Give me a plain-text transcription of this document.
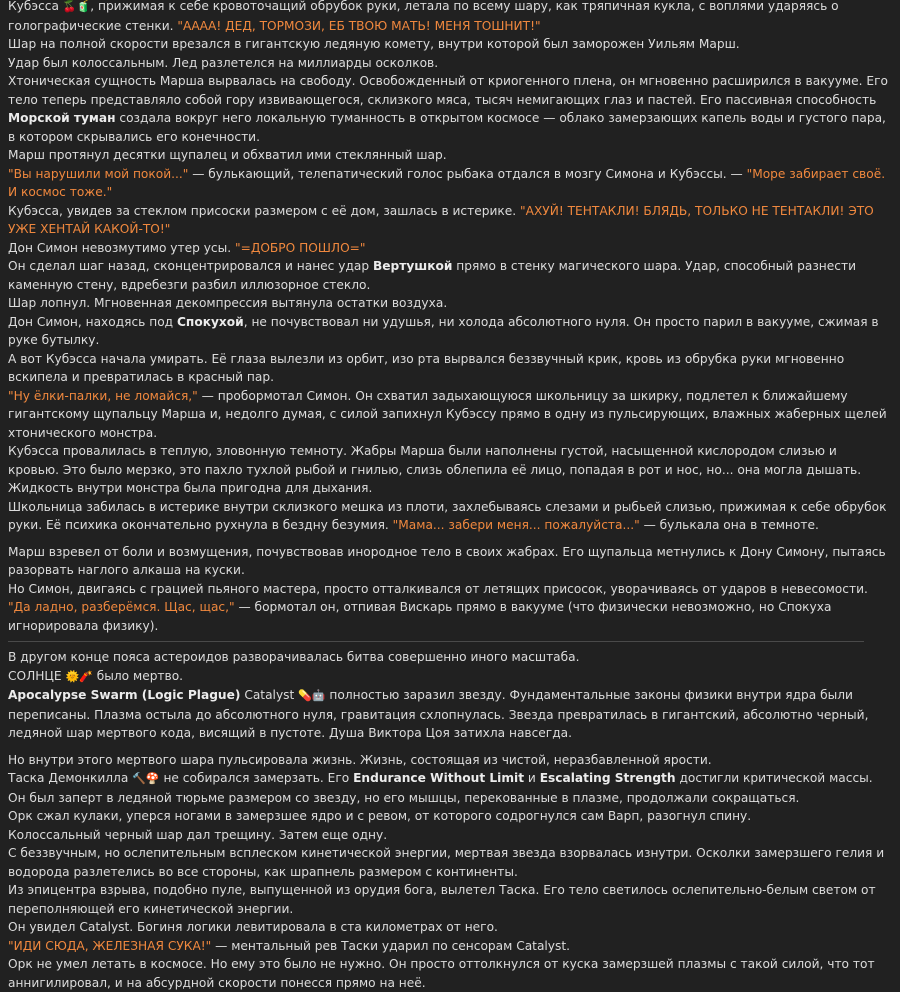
Кубэсса 🍒🧃, прижимая к себе кровоточащий обрубок руки, летала по всему шару, как тряпичная кукла, с воплями ударяясь о голографические стенки. "АААА! ДЕД, ТОРМОЗИ, ЕБ ТВОЮ МАТЬ! МЕНЯ ТОШНИТ!"

Шар на полной скорости врезался в гигантскую ледяную комету, внутри которой был заморожен Уильям Марш.

Удар был колоссальным. Лед разлетелся на миллиарды осколков.

Хтоническая сущность Марша вырвалась на свободу. Освобожденный от криогенного плена, он мгновенно расширился в вакууме. Его тело теперь представляло собой гору извивающегося, склизкого мяса, тысяч немигающих глаз и пастей. Его пассивная способность Морской туман создала вокруг него локальную туманность в открытом космосе — облако замерзающих капель воды и густого пара, в котором скрывались его конечности.

Марш протянул десятки щупалец и обхватил ими стеклянный шар.

"Вы нарушили мой покой..." — булькающий, телепатический голос рыбака отдался в мозгу Симона и Кубэссы. — "Море забирает своё. И космос тоже."

Кубэсса, увидев за стеклом присоски размером с её дом, зашлась в истерике. "АХУЙ! ТЕНТАКЛИ! БЛЯДЬ, ТОЛЬКО НЕ ТЕНТАКЛИ! ЭТО УЖЕ ХЕНТАЙ КАКОЙ-ТО!"

Дон Симон невозмутимо утер усы. "=ДОБРО ПОШЛО="

Он сделал шаг назад, сконцентрировался и нанес удар Вертушкой прямо в стенку магического шара. Удар, способный разнести каменную стену, вдребезги разбил иллюзорное стекло.

Шар лопнул. Мгновенная декомпрессия вытянула остатки воздуха.

Дон Симон, находясь под Спокухой, не почувствовал ни удушья, ни холода абсолютного нуля. Он просто парил в вакууме, сжимая в руке бутылку.

А вот Кубэсса начала умирать. Её глаза вылезли из орбит, изо рта вырвался беззвучный крик, кровь из обрубка руки мгновенно вскипела и превратилась в красный пар.

"Ну ёлки-палки, не ломайся," — пробормотал Симон. Он схватил задыхающуюся школьницу за шкирку, подлетел к ближайшему гигантскому щупальцу Марша и, недолго думая, с силой запихнул Кубэссу прямо в одну из пульсирующих, влажных жаберных щелей хтонического монстра.

Кубэсса провалилась в теплую, зловонную темноту. Жабры Марша были наполнены густой, насыщенной кислородом слизью и кровью. Это было мерзко, это пахло тухлой рыбой и гнилью, слизь облепила её лицо, попадая в рот и нос, но... она могла дышать. Жидкость внутри монстра была пригодна для дыхания.

Школьница забилась в истерике внутри склизкого мешка из плоти, захлебываясь слезами и рыбьей слизью, прижимая к себе обрубок руки. Её психика окончательно рухнула в бездну безумия. "Мама... забери меня... пожалуйста..." — булькала она в темноте.

Марш взревел от боли и возмущения, почувствовав инородное тело в своих жабрах. Его щупальца метнулись к Дону Симону, пытаясь разорвать наглого алкаша на куски.

Но Симон, двигаясь с грацией пьяного мастера, просто отталкивался от летящих присосок, уворачиваясь от ударов в невесомости. "Да ладно, разберёмся. Щас, щас," — бормотал он, отпивая Вискарь прямо в вакууме (что физически невозможно, но Спокуха игнорировала физику).

В другом конце пояса астероидов разворачивалась битва совершенно иного масштаба.

СОЛНЦЕ 🌞🧨 было мертво.

Apocalypse Swarm (Logic Plague) Catalyst 💊🤖 полностью заразил звезду. Фундаментальные законы физики внутри ядра были переписаны. Плазма остыла до абсолютного нуля, гравитация схлопнулась. Звезда превратилась в гигантский, абсолютно черный, ледяной шар мертвого кода, висящий в пустоте. Душа Виктора Цоя затихла навсегда.

Но внутри этого мертвого шара пульсировала жизнь. Жизнь, состоящая из чистой, неразбавленной ярости.

Таска Демонкилла 🔨🍄 не собирался замерзать. Его Endurance Without Limit и Escalating Strength достигли критической массы. Он был заперт в ледяной тюрьме размером со звезду, но его мышцы, перекованные в плазме, продолжали сокращаться.

Орк сжал кулаки, уперся ногами в замерзшее ядро и с ревом, от которого содрогнулся сам Варп, разогнул спину.

Колоссальный черный шар дал трещину. Затем еще одну.

С беззвучным, но ослепительным всплеском кинетической энергии, мертвая звезда взорвалась изнутри. Осколки замерзшего гелия и водорода разлетелись во все стороны, как шрапнель размером с континенты.

Из эпицентра взрыва, подобно пуле, выпущенной из орудия бога, вылетел Таска. Его тело светилось ослепительно-белым светом от переполняющей его кинетической энергии.

Он увидел Catalyst. Богиня логики левитировала в ста километрах от него.

"ИДИ СЮДА, ЖЕЛЕЗНАЯ СУКА!" — ментальный рев Таски ударил по сенсорам Catalyst.

Орк не умел летать в космосе. Но ему это было не нужно. Он просто оттолкнулся от куска замерзшей плазмы с такой силой, что тот аннигилировал, и на абсурдной скорости понесся прямо на неё.
